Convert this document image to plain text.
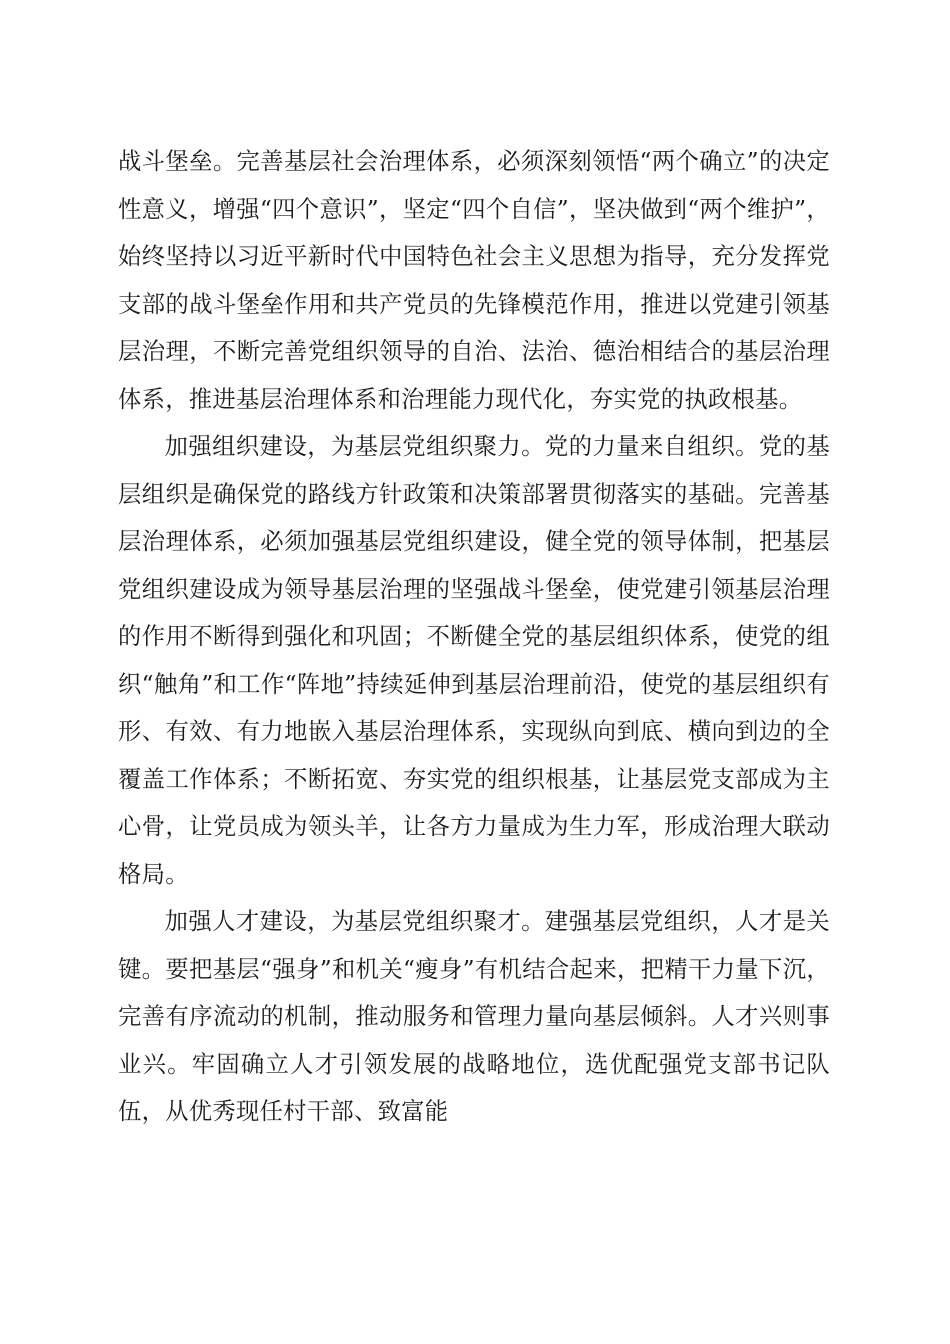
战斗堡垒。完善基层社会治理体系，必须深刻领悟“两个确立”的决定性意义，增强“四个意识”，坚定“四个自信”，坚决做到“两个维护”，始终坚持以习近平新时代中国特色社会主义思想为指导，充分发挥党支部的战斗堡垒作用和共产党员的先锋模范作用，推进以党建引领基层治理，不断完善党组织领导的自治、法治、德治相结合的基层治理体系，推进基层治理体系和治理能力现代化，夯实党的执政根基。

加强组织建设，为基层党组织聚力。党的力量来自组织。党的基层组织是确保党的路线方针政策和决策部署贯彻落实的基础。完善基层治理体系，必须加强基层党组织建设，健全党的领导体制，把基层党组织建设成为领导基层治理的坚强战斗堡垒，使党建引领基层治理的作用不断得到强化和巩固；不断健全党的基层组织体系，使党的组织“触角”和工作“阵地”持续延伸到基层治理前沿，使党的基层组织有形、有效、有力地嵌入基层治理体系，实现纵向到底、横向到边的全覆盖工作体系；不断拓宽、夯实党的组织根基，让基层党支部成为主心骨，让党员成为领头羊，让各方力量成为生力军，形成治理大联动格局。

加强人才建设，为基层党组织聚才。建强基层党组织，人才是关键。要把基层“强身”和机关“瘦身”有机结合起来，把精干力量下沉，完善有序流动的机制，推动服务和管理力量向基层倾斜。人才兴则事业兴。牢固确立人才引领发展的战略地位，选优配强党支部书记队伍，从优秀现任村干部、致富能
